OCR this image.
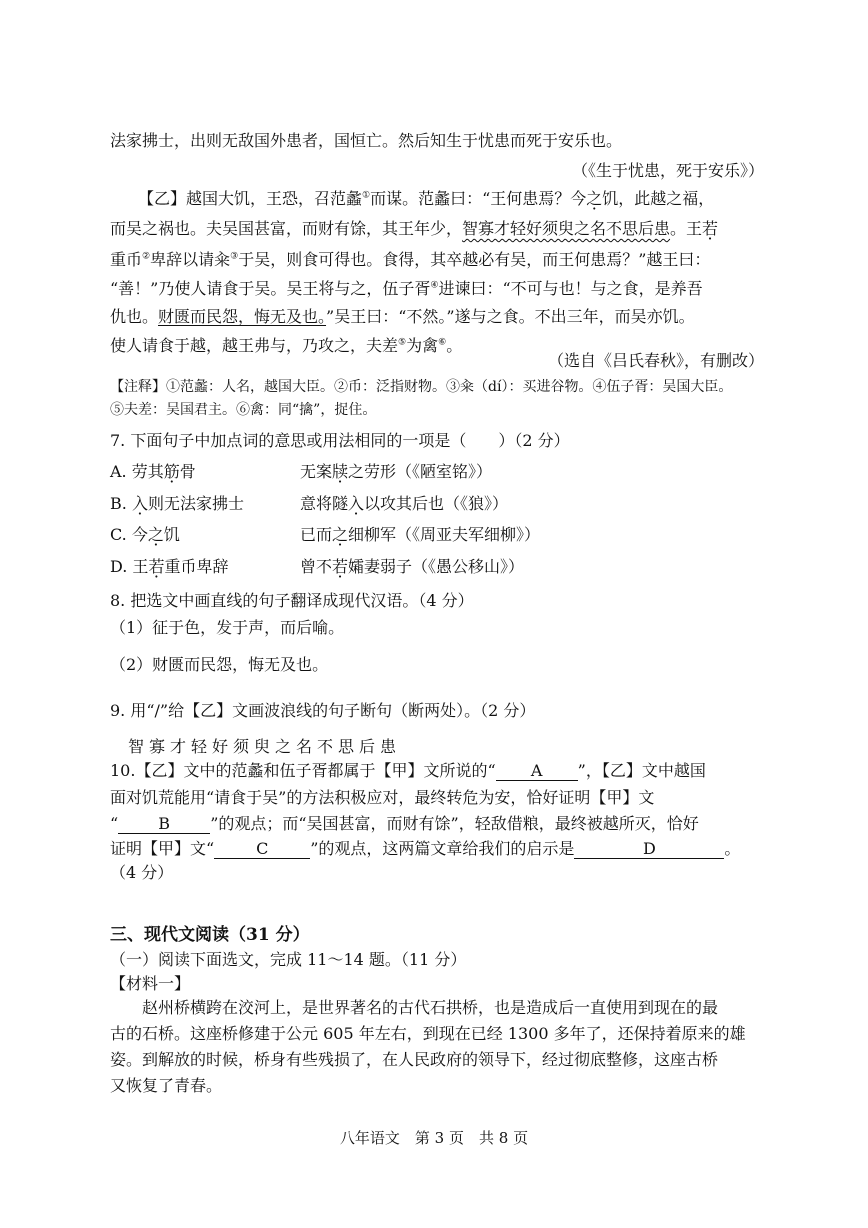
法家拂士，出则无敌国外患者，国恒亡。然后知生于忧患而死于安乐也。
（《生于忧患，死于安乐》）
【乙】越国大饥，王恐，召范蠡①而谋。范蠡曰：“王何患焉？今之饥，此越之福，
而吴之祸也。夫吴国甚富，而财有馀，其王年少，智寡才轻好须臾之名不思后患。王若
重币②卑辞以请籴③于吴，则食可得也。食得，其卒越必有吴，而王何患焉？”越王曰：
“善！”乃使人请食于吴。吴王将与之，伍子胥④进谏曰：“不可与也！与之食，是养吾
仇也。财匮而民怨，悔无及也。”吴王曰：“不然。”遂与之食。不出三年，而吴亦饥。
使人请食于越，越王弗与，乃攻之，夫差⑤为禽⑥。
（选自《吕氏春秋》，有删改）
【注释】①范蠡：人名，越国大臣。②币：泛指财物。③籴（dí）：买进谷物。④伍子胥：吴国大臣。
⑤夫差：吴国君主。⑥禽：同“擒”，捉住。
7. 下面句子中加点词的意思或用法相同的一项是（　　）（2 分）
A. 劳其筋骨	无案牍之劳形（《陋室铭》）
B. 入则无法家拂士	意将隧入以攻其后也（《狼》）
C. 今之饥	已而之细柳军（《周亚夫军细柳》）
D. 王若重币卑辞	曾不若孀妻弱子（《愚公移山》）
8. 把选文中画直线的句子翻译成现代汉语。（4 分）
（1）征于色，发于声，而后喻。
（2）财匮而民怨，悔无及也。
9. 用“/”给【乙】文画波浪线的句子断句（断两处）。（2 分）
智寡才轻好须臾之名不思后患
10.【乙】文中的范蠡和伍子胥都属于【甲】文所说的“ A ”，【乙】文中越国
面对饥荒能用“请食于吴”的方法积极应对，最终转危为安，恰好证明【甲】文
“	B	”的观点；而“吴国甚富，而财有馀”，轻敌借粮，最终被越所灭，恰好
证明【甲】文“	C	”的观点，这两篇文章给我们的启示是	D	。
（4 分）
三、现代文阅读（31 分）
（一）阅读下面选文，完成 11～14 题。（11 分）
【材料一】
赵州桥横跨在洨河上，是世界著名的古代石拱桥，也是造成后一直使用到现在的最
古的石桥。这座桥修建于公元 605 年左右，到现在已经 1300 多年了，还保持着原来的雄
姿。到解放的时候，桥身有些残损了，在人民政府的领导下，经过彻底整修，这座古桥
又恢复了青春。
八年语文　第 3 页　共 8 页
